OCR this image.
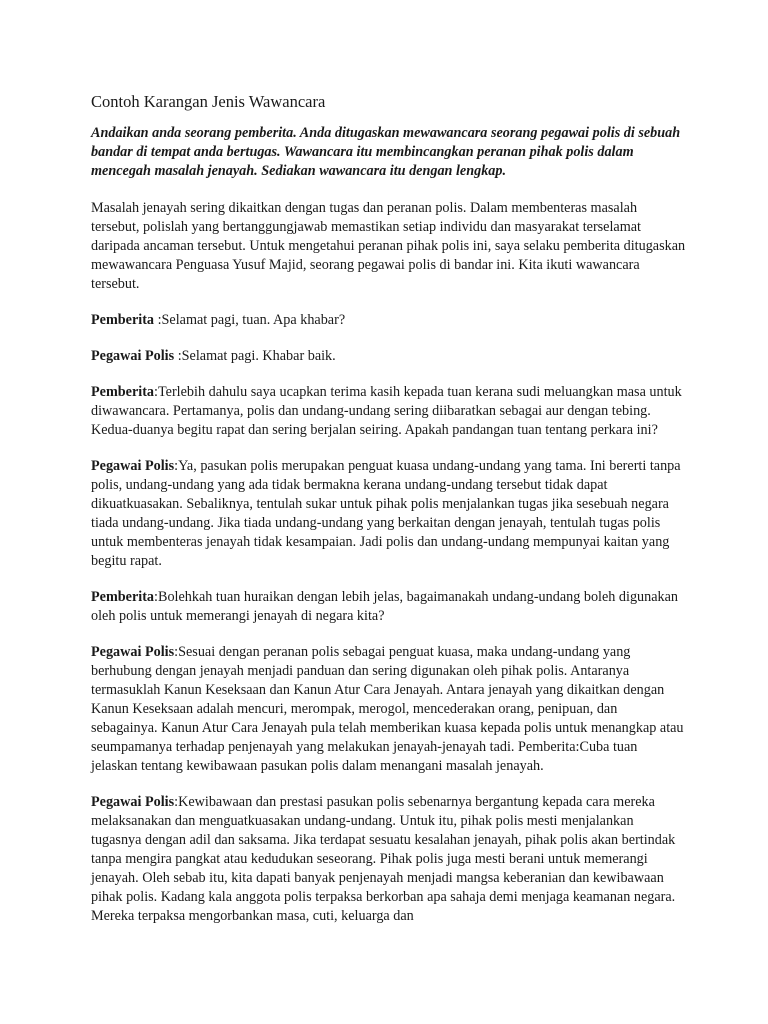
Contoh Karangan Jenis Wawancara

Andaikan anda seorang pemberita. Anda ditugaskan mewawancara seorang pegawai polis di sebuah bandar di tempat anda bertugas. Wawancara itu membincangkan peranan pihak polis dalam mencegah masalah jenayah. Sediakan wawancara itu dengan lengkap.

Masalah jenayah sering dikaitkan dengan tugas dan peranan polis. Dalam membenteras masalah tersebut, polislah yang bertanggungjawab memastikan setiap individu dan masyarakat terselamat daripada ancaman tersebut. Untuk mengetahui peranan pihak polis ini, saya selaku pemberita ditugaskan mewawancara Penguasa Yusuf Majid, seorang pegawai polis di bandar ini. Kita ikuti wawancara tersebut.

Pemberita :Selamat pagi, tuan. Apa khabar?

Pegawai Polis :Selamat pagi. Khabar baik.

Pemberita:Terlebih dahulu saya ucapkan terima kasih kepada tuan kerana sudi meluangkan masa untuk diwawancara. Pertamanya, polis dan undang-undang sering diibaratkan sebagai aur dengan tebing. Kedua-duanya begitu rapat dan sering berjalan seiring. Apakah pandangan tuan tentang perkara ini?

Pegawai Polis:Ya, pasukan polis merupakan penguat kuasa undang-undang yang tama. Ini bererti tanpa polis, undang-undang yang ada tidak bermakna kerana undang-undang tersebut tidak dapat dikuatkuasakan. Sebaliknya, tentulah sukar untuk pihak polis menjalankan tugas jika sesebuah negara tiada undang-undang. Jika tiada undang-undang yang berkaitan dengan jenayah, tentulah tugas polis untuk membenteras jenayah tidak kesampaian. Jadi polis dan undang-undang mempunyai kaitan yang begitu rapat.

Pemberita:Bolehkah tuan huraikan dengan lebih jelas, bagaimanakah undang-undang boleh digunakan oleh polis untuk memerangi jenayah di negara kita?

Pegawai Polis:Sesuai dengan peranan polis sebagai penguat kuasa, maka undang-undang yang berhubung dengan jenayah menjadi panduan dan sering digunakan oleh pihak polis. Antaranya termasuklah Kanun Keseksaan dan Kanun Atur Cara Jenayah. Antara jenayah yang dikaitkan dengan Kanun Keseksaan adalah mencuri, merompak, merogol, mencederakan orang, penipuan, dan sebagainya. Kanun Atur Cara Jenayah pula telah memberikan kuasa kepada polis untuk menangkap atau seumpamanya terhadap penjenayah yang melakukan jenayah-jenayah tadi. Pemberita:Cuba tuan jelaskan tentang kewibawaan pasukan polis dalam menangani masalah jenayah.

Pegawai Polis:Kewibawaan dan prestasi pasukan polis sebenarnya bergantung kepada cara mereka melaksanakan dan menguatkuasakan undang-undang. Untuk itu, pihak polis mesti menjalankan tugasnya dengan adil dan saksama. Jika terdapat sesuatu kesalahan jenayah, pihak polis akan bertindak tanpa mengira pangkat atau kedudukan seseorang. Pihak polis juga mesti berani untuk memerangi jenayah. Oleh sebab itu, kita dapati banyak penjenayah menjadi mangsa keberanian dan kewibawaan pihak polis. Kadang kala anggota polis terpaksa berkorban apa sahaja demi menjaga keamanan negara. Mereka terpaksa mengorbankan masa, cuti, keluarga dan
